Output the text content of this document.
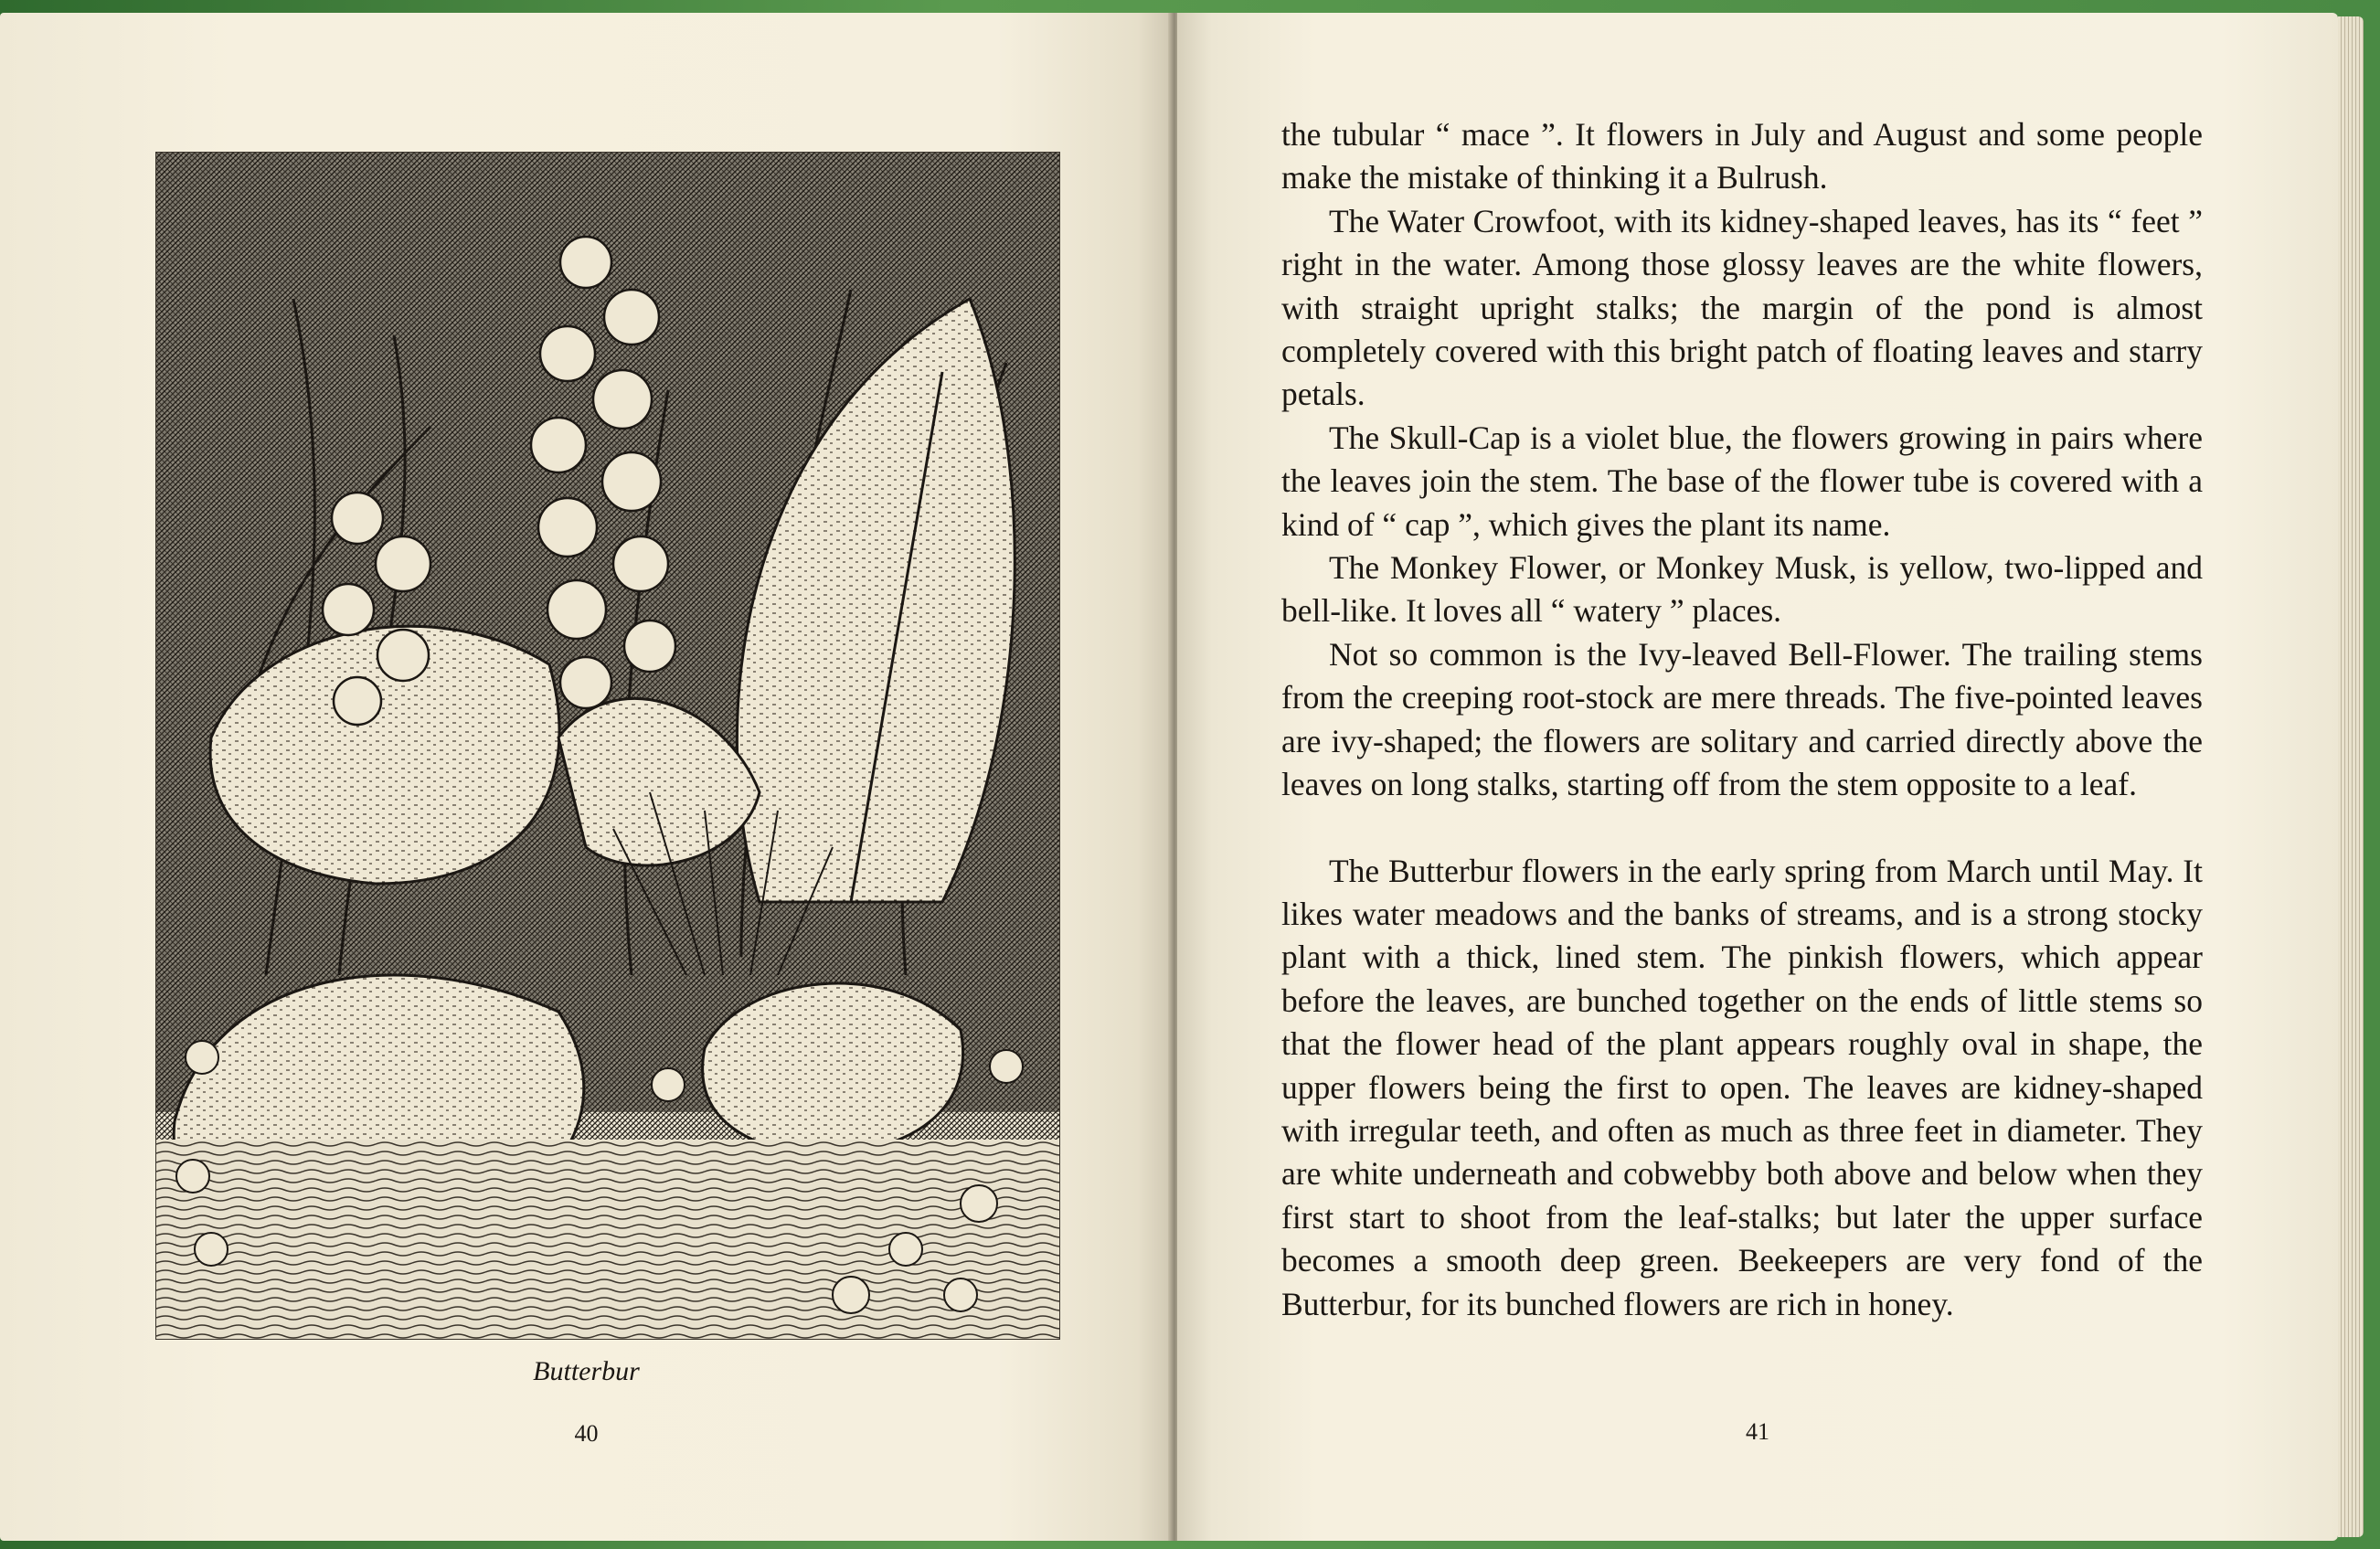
Butterbur
40

the tubular “ mace ”. It flowers in July and August and some people make the mistake of thinking it a Bulrush.

The Water Crowfoot, with its kidney-shaped leaves, has its “ feet ” right in the water. Among those glossy leaves are the white flowers, with straight upright stalks; the margin of the pond is almost completely covered with this bright patch of floating leaves and starry petals.

The Skull-Cap is a violet blue, the flowers growing in pairs where the leaves join the stem. The base of the flower tube is covered with a kind of “ cap ”, which gives the plant its name.

The Monkey Flower, or Monkey Musk, is yellow, two-lipped and bell-like. It loves all “ watery ” places.

Not so common is the Ivy-leaved Bell-Flower. The trailing stems from the creeping root-stock are mere threads. The five-pointed leaves are ivy-shaped; the flowers are solitary and carried directly above the leaves on long stalks, starting off from the stem opposite to a leaf.

The Butterbur flowers in the early spring from March until May. It likes water meadows and the banks of streams, and is a strong stocky plant with a thick, lined stem. The pinkish flowers, which appear before the leaves, are bunched together on the ends of little stems so that the flower head of the plant appears roughly oval in shape, the upper flowers being the first to open. The leaves are kidney-shaped with irregular teeth, and often as much as three feet in diameter. They are white underneath and cobwebby both above and below when they first start to shoot from the leaf-stalks; but later the upper surface becomes a smooth deep green. Beekeepers are very fond of the Butterbur, for its bunched flowers are rich in honey.

41
